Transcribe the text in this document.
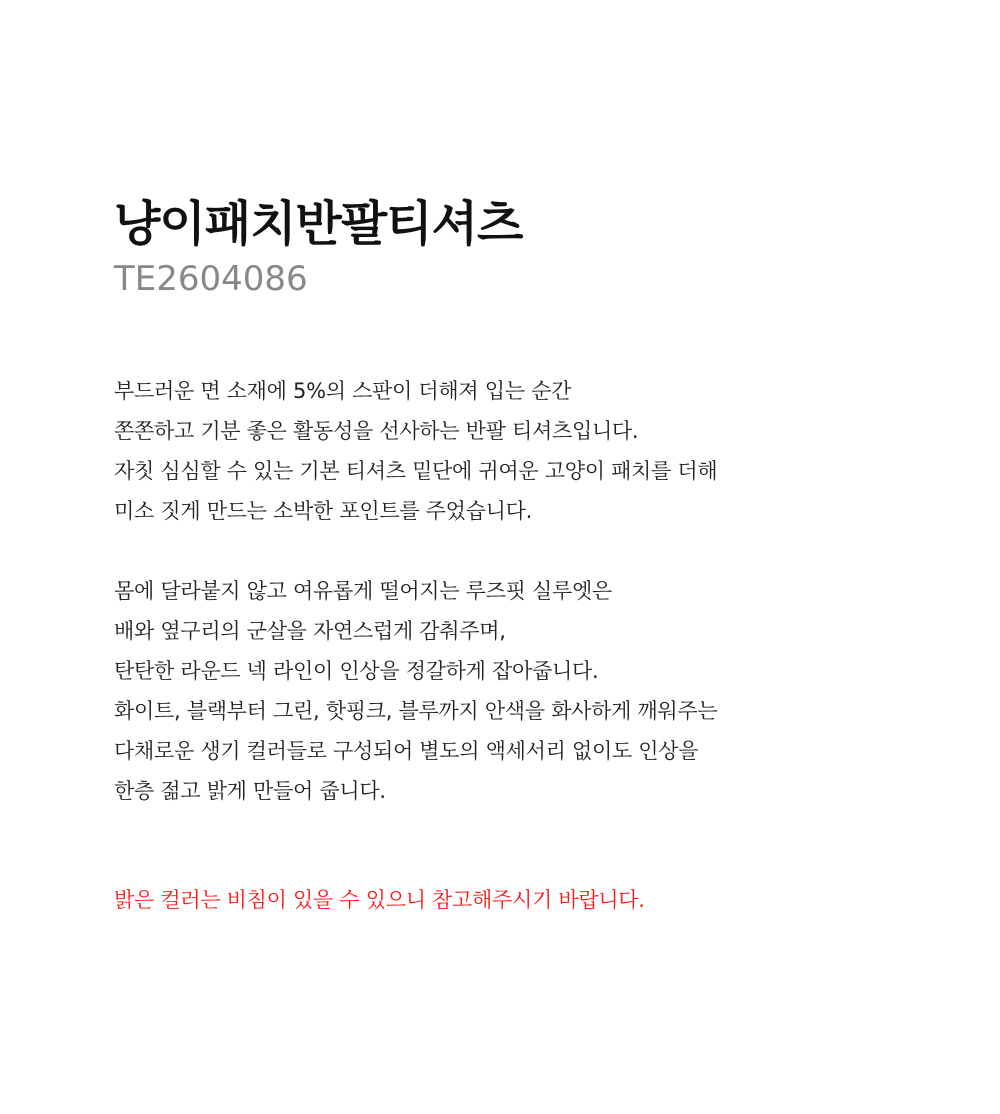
냥이패치반팔티셔츠

TE2604086

부드러운 면 소재에 5%의 스판이 더해져 입는 순간
쫀쫀하고 기분 좋은 활동성을 선사하는 반팔 티셔츠입니다.
자칫 심심할 수 있는 기본 티셔츠 밑단에 귀여운 고양이 패치를 더해
미소 짓게 만드는 소박한 포인트를 주었습니다.
몸에 달라붙지 않고 여유롭게 떨어지는 루즈핏 실루엣은
배와 옆구리의 군살을 자연스럽게 감춰주며,
탄탄한 라운드 넥 라인이 인상을 정갈하게 잡아줍니다.
화이트, 블랙부터 그린, 핫핑크, 블루까지 안색을 화사하게 깨워주는
다채로운 생기 컬러들로 구성되어 별도의 액세서리 없이도 인상을
한층 젊고 밝게 만들어 줍니다.
밝은 컬러는 비침이 있을 수 있으니 참고해주시기 바랍니다.
